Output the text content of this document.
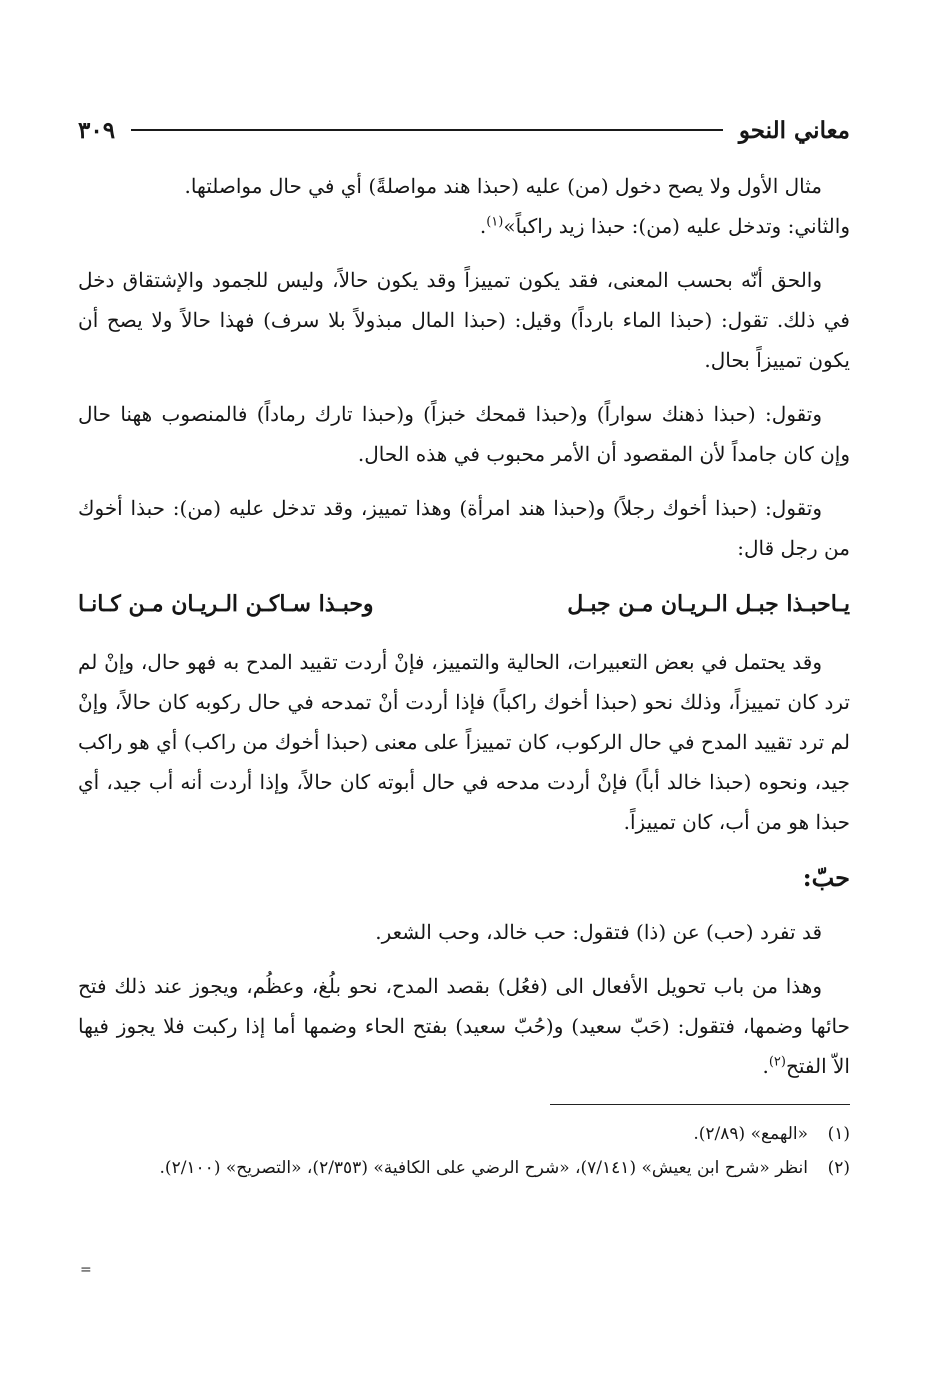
معاني النحو
٣٠٩

مثال الأول ولا يصح دخول (من) عليه (حبذا هند مواصلةً) أي في حال مواصلتها.
والثاني: وتدخل عليه (من): حبذا زيد راكباً»$^{(١)}$.

والحق أنّه بحسب المعنى، فقد يكون تمييزاً وقد يكون حالاً، وليس للجمود والإشتقاق دخل في ذلك. تقول: (حبذا الماء بارداً) وقيل: (حبذا المال مبذولاً بلا سرف) فهذا حالاً ولا يصح أن يكون تمييزاً بحال.

وتقول: (حبذا ذهنك سواراً) و(حبذا قمحك خبزاً) و(حبذا تارك رماداً) فالمنصوب ههنا حال وإن كان جامداً لأن المقصود أن الأمر محبوب في هذه الحال.

وتقول: (حبذا أخوك رجلاً) و(حبذا هند امرأة) وهذا تمييز، وقد تدخل عليه (من): حبذا أخوك من رجل قال:

يـاحبـذا جبـل الـريـان مـن جبـل
وحبـذا سـاكـن الـريـان مـن كـانـا

وقد يحتمل في بعض التعبيرات، الحالية والتمييز، فإنْ أردت تقييد المدح به فهو حال، وإنْ لم ترد كان تمييزاً، وذلك نحو (حبذا أخوك راكباً) فإذا أردت أنْ تمدحه في حال ركوبه كان حالاً، وإنْ لم ترد تقييد المدح في حال الركوب، كان تمييزاً على معنى (حبذا أخوك من راكب) أي هو راكب جيد، ونحوه (حبذا خالد أباً) فإنْ أردت مدحه في حال أبوته كان حالاً، وإذا أردت أنه أب جيد، أي حبذا هو من أب، كان تمييزاً.

حبّ:

قد تفرد (حب) عن (ذا) فتقول: حب خالد، وحب الشعر.

وهذا من باب تحويل الأفعال الى (فعُل) بقصد المدح، نحو بلُغ، وعظُم، ويجوز عند ذلك فتح حائها وضمها، فتقول: (حَبّ سعيد) و(حُبّ سعيد) بفتح الحاء وضمها أما إذا ركبت فلا يجوز فيها الاّ الفتح$^{(٢)}$.

(١)
«الهمع» (٢/٨٩).
(٢)
انظر «شرح ابن يعيش» (٧/١٤١)، «شرح الرضي على الكافية» (٢/٣٥٣)، «التصريح» (٢/١٠٠).
=
